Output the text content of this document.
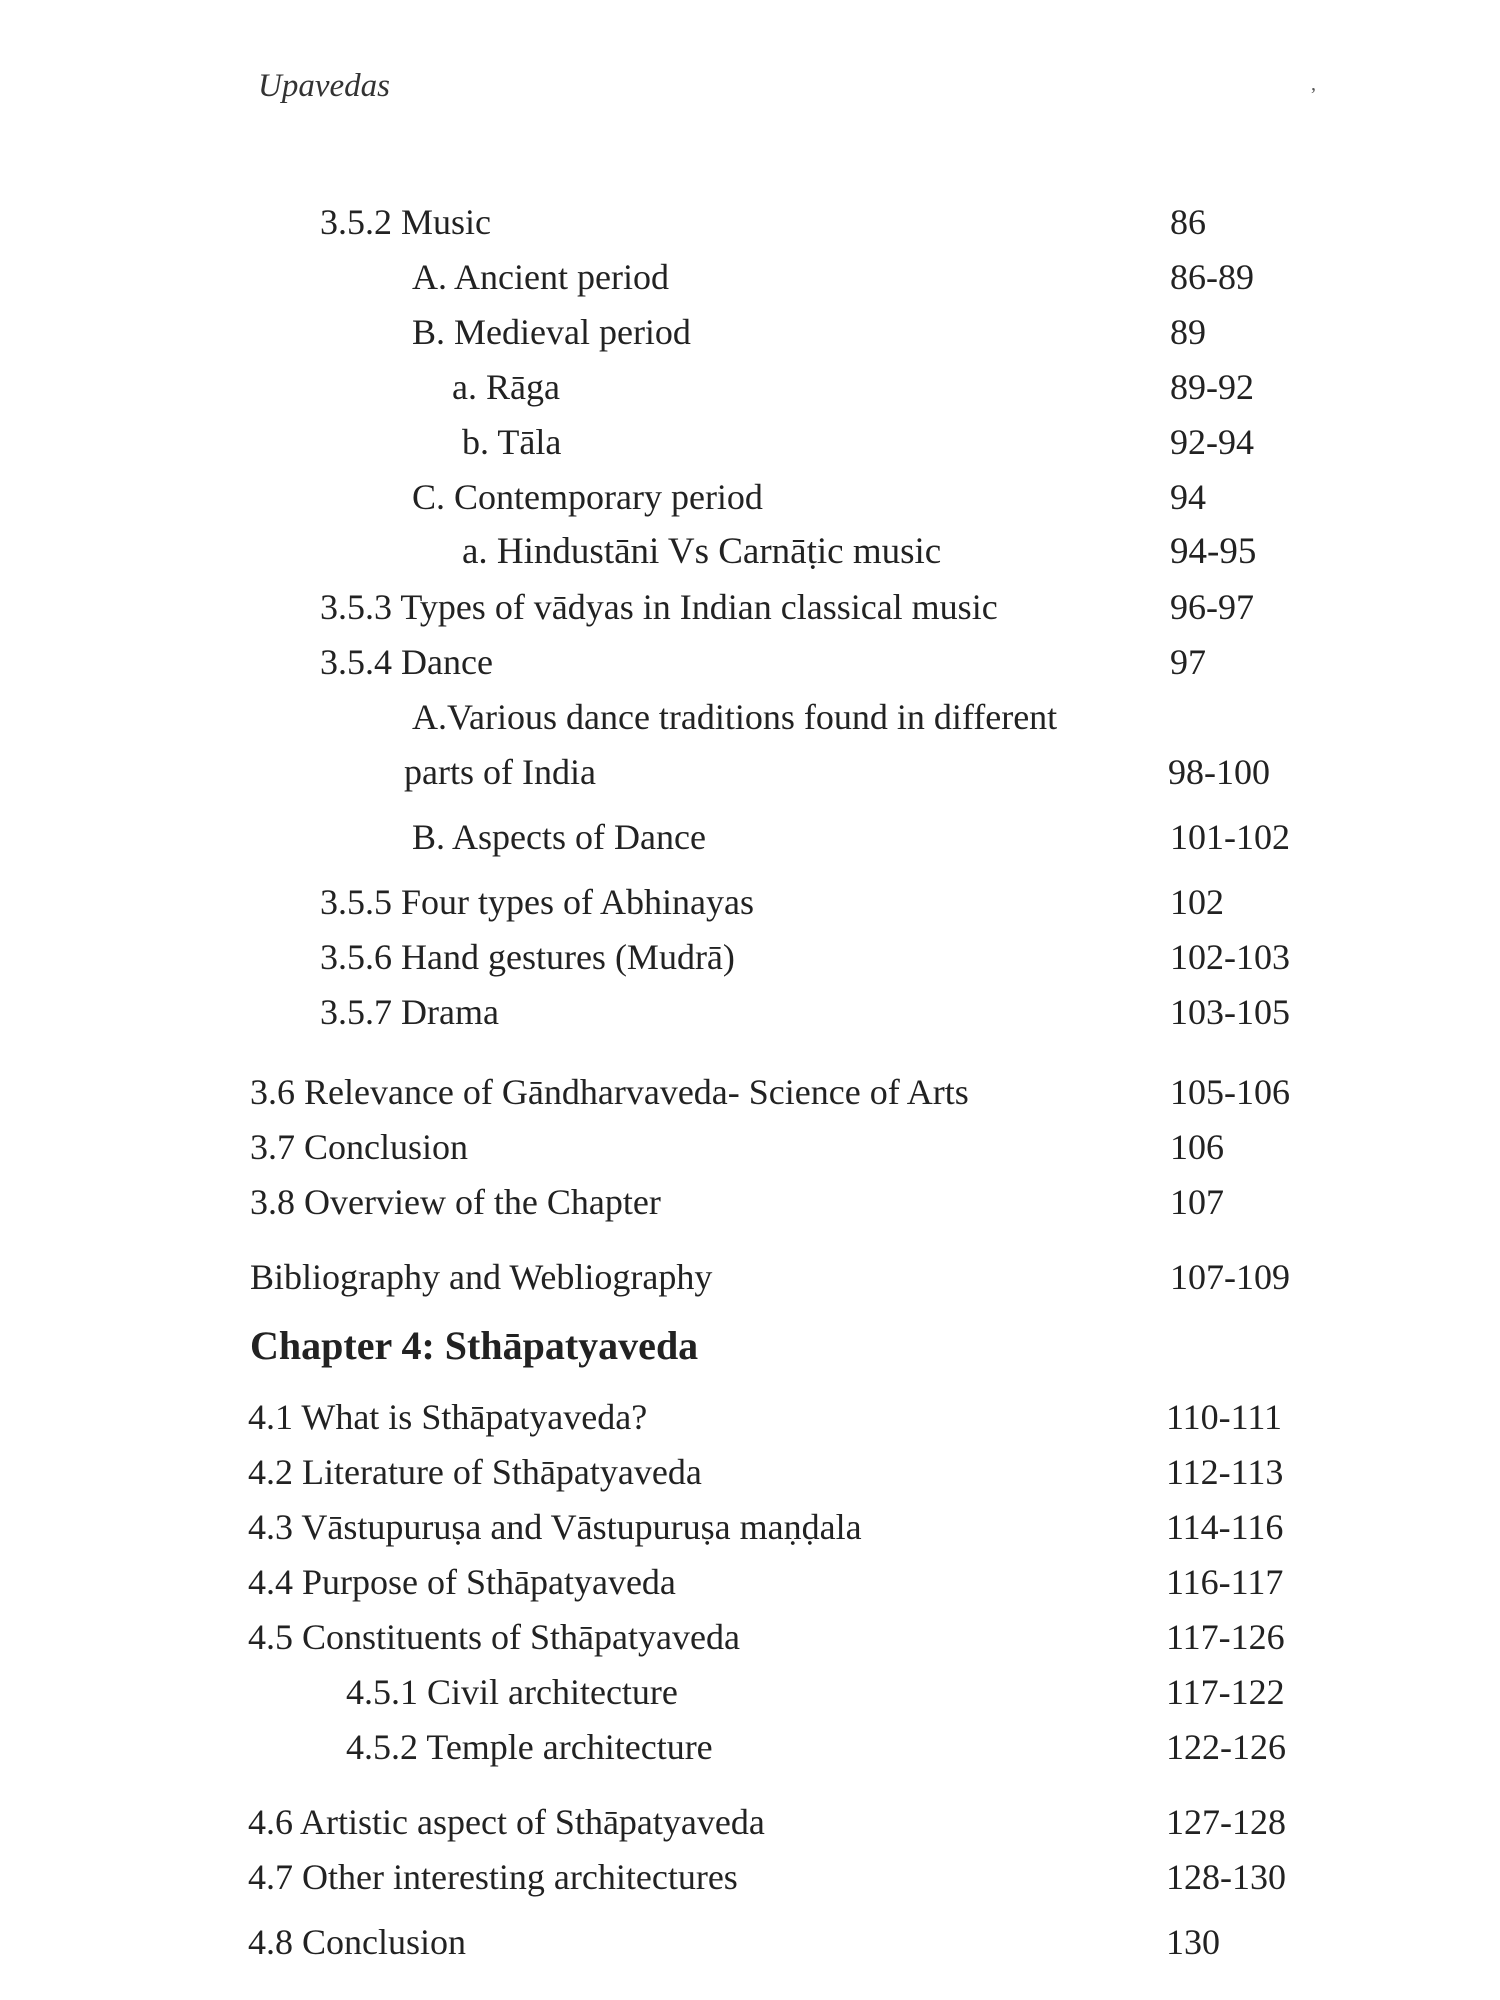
Upavedas	’
3.5.2 Music	86
A. Ancient period	86-89
B. Medieval period	89
a. Rāga	89-92
b. Tāla	92-94
C. Contemporary period	94
a. Hindustāni Vs Carnāṭic music	94-95
3.5.3 Types of vādyas in Indian classical music	96-97
3.5.4 Dance	97
A.Various dance traditions found in different
parts of India	98-100
B. Aspects of Dance	101-102
3.5.5 Four types of Abhinayas	102
3.5.6 Hand gestures (Mudrā)	102-103
3.5.7 Drama	103-105
3.6 Relevance of Gāndharvaveda- Science of Arts	105-106
3.7 Conclusion	106
3.8 Overview of the Chapter	107
Bibliography and Webliography	107-109
Chapter 4: Sthāpatyaveda
4.1 What is Sthāpatyaveda?	110-111
4.2 Literature of Sthāpatyaveda	112-113
4.3 Vāstupuruṣa and Vāstupuruṣa maṇḍala	114-116
4.4 Purpose of Sthāpatyaveda	116-117
4.5 Constituents of Sthāpatyaveda	117-126
4.5.1 Civil architecture	117-122
4.5.2 Temple architecture	122-126
4.6 Artistic aspect of Sthāpatyaveda	127-128
4.7 Other interesting architectures	128-130
4.8 Conclusion	130
